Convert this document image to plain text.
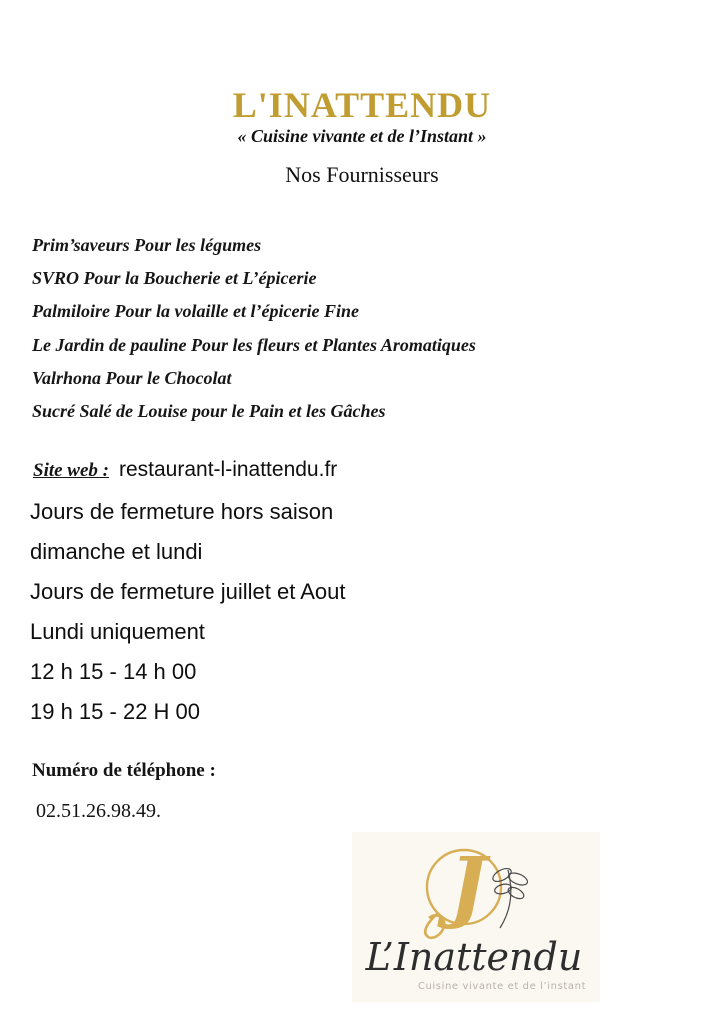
L'INATTENDU
« Cuisine vivante et de l’Instant »
Nos Fournisseurs
Prim’saveurs Pour les légumes
SVRO Pour la Boucherie et L’épicerie
Palmiloire Pour la volaille et l’épicerie Fine
Le Jardin de pauline Pour les fleurs et Plantes Aromatiques
Valrhona Pour le Chocolat
Sucré Salé de Louise pour le Pain et les Gâches
Site web : restaurant-l-inattendu.fr
Jours de fermeture hors saison
dimanche et lundi
Jours de fermeture juillet et Aout
Lundi uniquement
12 h 15 - 14 h 00
19 h 15 - 22 H 00
Numéro de téléphone :
02.51.26.98.49.
J
L’Inattendu
Cuisine vivante et de l’instant
